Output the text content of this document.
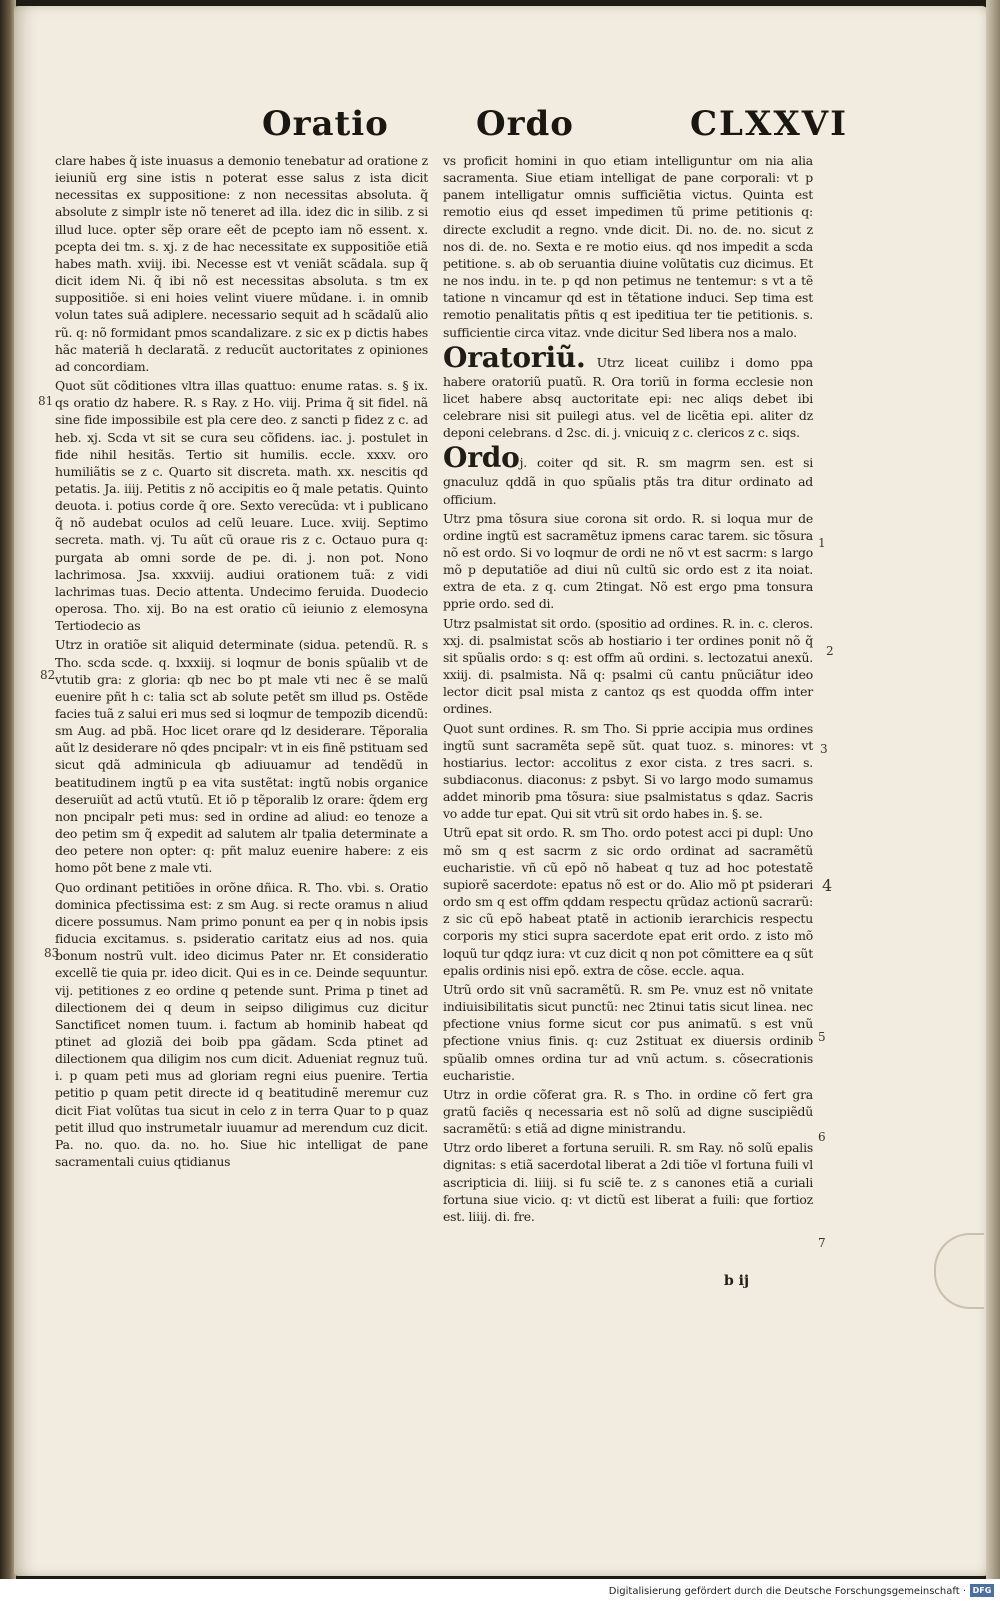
Oratio	Ordo	CLXXVI

clare habes q̃ iste inuasus a demonio tenebatur ad oratione z ieiuniũ erg sine istis n poterat esse salus z ista dicit necessitas ex suppositione: z non necessitas absoluta. q̃ absolute z simplr iste nõ teneret ad illa. idez dic in silib. z si illud luce. opter sẽp orare eẽt de pcepto iam nõ essent. x. pcepta dei tm. s. xj. z de hac necessitate ex suppositiõe etiã habes math. xviij. ibi. Necesse est vt veniãt scãdala. sup q̃ dicit idem Ni. q̃ ibi nõ est necessitas absoluta. s tm ex suppositiõe. si eni hoies velint viuere mũdane. i. in omnib volun tates suã adiplere. necessario sequit ad h scãdalũ alio rũ. q: nõ formidant pmos scandalizare. z sic ex p dictis habes hãc materiã h declaratã. z reducũt auctoritates z opiniones ad concordiam.

Quot sũt cõditiones vltra illas quattuo: enume ratas. s. § ix. qs oratio dz habere. R. s Ray. z Ho. viij. Prima q̃ sit fidel. nã sine fide impossibile est pla cere deo. z sancti p fidez z c. ad heb. xj. Scda vt sit se cura seu cõfidens. iac. j. postulet in fide nihil hesitãs. Tertio sit humilis. eccle. xxxv. oro humiliãtis se z c. Quarto sit discreta. math. xx. nescitis qd petatis. Ja. iiij. Petitis z nõ accipitis eo q̃ male petatis. Quinto deuota. i. potius corde q̃ ore. Sexto verecũda: vt i publicano q̃ nõ audebat oculos ad celũ leuare. Luce. xviij. Septimo secreta. math. vj. Tu aũt cũ oraue ris z c. Octauo pura q: purgata ab omni sorde de pe. di. j. non pot. Nono lachrimosa. Jsa. xxxviij. audiui orationem tuã: z vidi lachrimas tuas. Decio attenta. Undecimo feruida. Duodecio operosa. Tho. xij. Bo na est oratio cũ ieiunio z elemosyna Tertiodecio as

Utrz in oratiõe sit aliquid determinate (sidua. petendũ. R. s Tho. scda scde. q. lxxxiij. si loqmur de bonis spũalib vt de vtutib gra: z gloria: qb nec bo pt male vti nec ẽ se malũ euenire pñt h c: talia sct ab solute petẽt sm illud ps. Ostẽde facies tuã z salui eri mus sed si loqmur de tempozib dicendũ: sm Aug. ad pbã. Hoc licet orare qd lz desiderare. Tẽporalia aũt lz desiderare nõ qdes pncipalr: vt in eis finẽ pstituam sed sicut qdã adminicula qb adiuuamur ad tendẽdũ in beatitudinem ingtũ p ea vita sustẽtat: ingtũ nobis organice deseruiũt ad actũ vtutũ. Et iõ p tẽporalib lz orare: q̃dem erg non pncipalr peti mus: sed in ordine ad aliud: eo tenoze a deo petim sm q̃ expedit ad salutem alr tpalia determinate a deo petere non opter: q: pñt maluz euenire habere: z eis homo põt bene z male vti.

Quo ordinant petitiões in orõne dñica. R. Tho. vbi. s. Oratio dominica pfectissima est: z sm Aug. si recte oramus n aliud dicere possumus. Nam primo ponunt ea per q in nobis ipsis fiducia excitamus. s. psideratio caritatz eius ad nos. quia bonum nostrũ vult. ideo dicimus Pater nr. Et consideratio excellẽ tie quia pr. ideo dicit. Qui es in ce. Deinde sequuntur. vij. petitiones z eo ordine q petende sunt. Prima p tinet ad dilectionem dei q deum in seipso diligimus cuz dicitur Sanctificet nomen tuum. i. factum ab hominib habeat qd ptinet ad gloziã dei boib ppa gãdam. Scda ptinet ad dilectionem qua diligim nos cum dicit. Adueniat regnuz tuũ. i. p quam peti mus ad gloriam regni eius puenire. Tertia petitio p quam petit directe id q beatitudinẽ meremur cuz dicit Fiat volũtas tua sicut in celo z in terra Quar to p quaz petit illud quo instrumetalr iuuamur ad merendum cuz dicit. Pa. no. quo. da. no. ho. Siue hic intelligat de pane sacramentali cuius qtidianus

vs proficit homini in quo etiam intelliguntur om nia alia sacramenta. Siue etiam intelligat de pane corporali: vt p panem intelligatur omnis sufficiẽtia victus. Quinta est remotio eius qd esset impedimen tũ prime petitionis q: directe excludit a regno. vnde dicit. Di. no. de. no. sicut z nos di. de. no. Sexta e re motio eius. qd nos impedit a scda petitione. s. ab ob seruantia diuine volũtatis cuz dicimus. Et ne nos indu. in te. p qd non petimus ne tentemur: s vt a tẽ tatione n vincamur qd est in tẽtatione induci. Sep tima est remotio penalitatis pñtis q est ipeditiua ter tie petitionis. s. sufficientie circa vitaz. vnde dicitur Sed libera nos a malo.

Oratoriũ. Utrz liceat cuilibz i domo ppa habere oratoriũ puatũ. R. Ora toriũ in forma ecclesie non licet habere absq auctoritate epi: nec aliqs debet ibi celebrare nisi sit puilegi atus. vel de licẽtia epi. aliter dz deponi celebrans. d 2sc. di. j. vnicuiq z c. clericos z c. siqs.

Ordoj. coiter qd sit. R. sm magrm sen. est si gnaculuz qddã in quo spũalis ptãs tra ditur ordinato ad officium.

Utrz pma tõsura siue corona sit ordo. R. si loqua mur de ordine ingtũ est sacramẽtuz ipmens carac tarem. sic tõsura nõ est ordo. Si vo loqmur de ordi ne nõ vt est sacrm: s largo mõ p deputatiõe ad diui nũ cultũ sic ordo est z ita noiat. extra de eta. z q. cum 2tingat. Nõ est ergo pma tonsura pprie ordo. sed di.

Utrz psalmistat sit ordo. (spositio ad ordines. R. in. c. cleros. xxj. di. psalmistat scõs ab hostiario i ter ordines ponit nõ q̃ sit spũalis ordo: s q: est offm aũ ordini. s. lectozatui anexũ. xxiij. di. psalmista. Nã q: psalmi cũ cantu pnũciãtur ideo lector dicit psal mista z cantoz qs est quodda offm inter ordines.

Quot sunt ordines. R. sm Tho. Si pprie accipia mus ordines ingtũ sunt sacramẽta sepẽ sũt. quat tuoz. s. minores: vt hostiarius. lector: accolitus z exor cista. z tres sacri. s. subdiaconus. diaconus: z psbyt. Si vo largo modo sumamus addet minorib pma tõsura: siue psalmistatus s qdaz. Sacris vo adde tur epat. Qui sit vtrũ sit ordo habes in. §. se.

Utrũ epat sit ordo. R. sm Tho. ordo potest acci pi dupl: Uno mõ sm q est sacrm z sic ordo ordinat ad sacramẽtũ eucharistie. vñ cũ epõ nõ habeat q tuz ad hoc potestatẽ supiorẽ sacerdote: epatus nõ est or do. Alio mõ pt psiderari ordo sm q est offm qddam respectu qrũdaz actionũ sacrarũ: z sic cũ epõ habeat ptatẽ in actionib ierarchicis respectu corporis my stici supra sacerdote epat erit ordo. z isto mõ loquũ tur qdqz iura: vt cuz dicit q non pot cõmittere ea q sũt epalis ordinis nisi epõ. extra de cõse. eccle. aqua.

Utrũ ordo sit vnũ sacramẽtũ. R. sm Pe. vnuz est nõ vnitate indiuisibilitatis sicut punctũ: nec 2tinui tatis sicut linea. nec pfectione vnius forme sicut cor pus animatũ. s est vnũ pfectione vnius finis. q: cuz 2stituat ex diuersis ordinib spũalib omnes ordina tur ad vnũ actum. s. cõsecrationis eucharistie.

Utrz in ordie cõferat gra. R. s Tho. in ordine cõ fert gra gratũ faciẽs q necessaria est nõ solũ ad digne suscipiẽdũ sacramẽtũ: s etiã ad digne ministrandu.

Utrz ordo liberet a fortuna seruili. R. sm Ray. nõ solũ epalis dignitas: s etiã sacerdotal liberat a 2di tiõe vl fortuna fuili vl ascripticia di. liiij. si fu sciẽ te. z s canones etiã a curiali fortuna siue vicio. q: vt dictũ est liberat a fuili: que fortioz est. liiij. di. fre.

81
82
83
1
2
3
4
5
6
7
b ij
Digitalisierung gefördert durch die Deutsche Forschungsgemeinschaft · DFG
